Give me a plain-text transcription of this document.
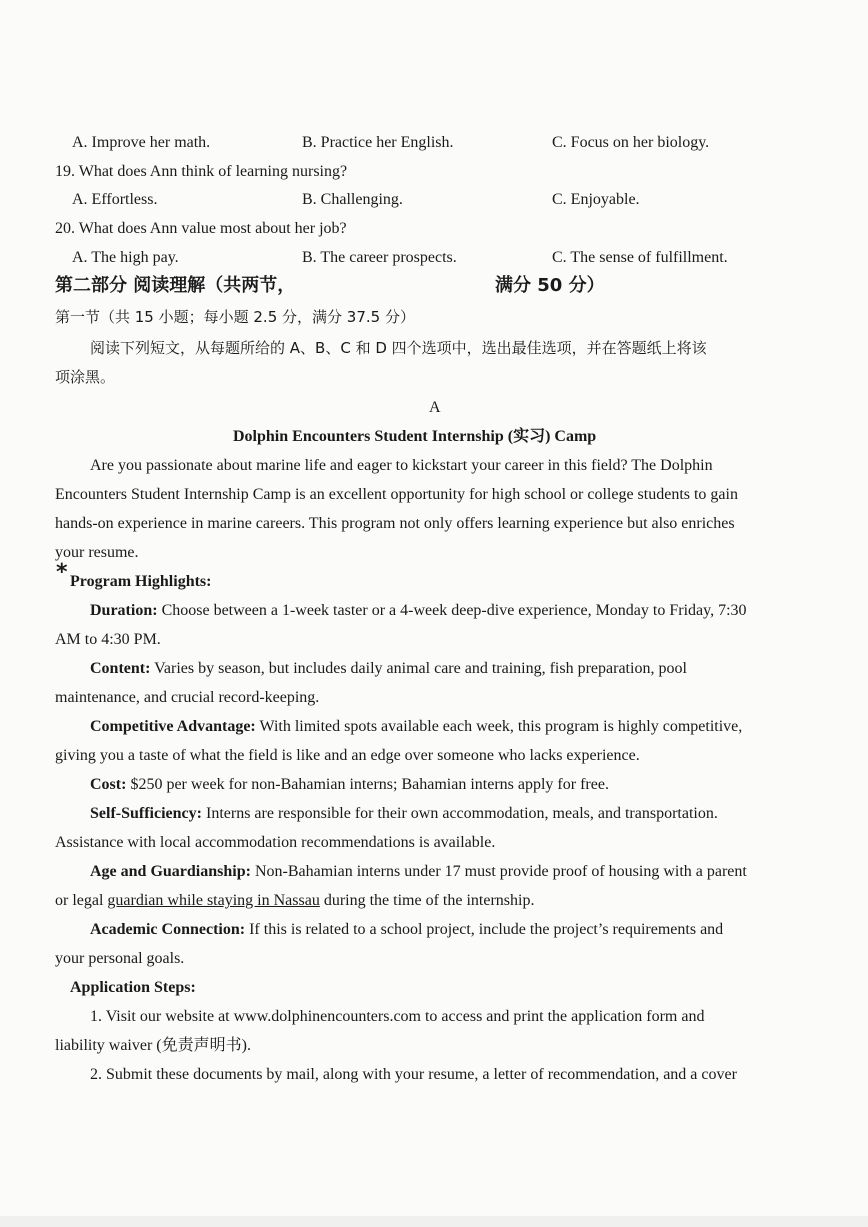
A. Improve her math.	B. Practice her English.	C. Focus on her biology.
19. What does Ann think of learning nursing?
A. Effortless.	B. Challenging.	C. Enjoyable.
20. What does Ann value most about her job?
A. The high pay.	B. The career prospects.	C. The sense of fulfillment.
第二部分 阅读理解（共两节，	满分 50 分）
第一节（共 15 小题；每小题 2.5 分，满分 37.5 分）
阅读下列短文，从每题所给的 A、B、C 和 D 四个选项中，选出最佳选项，并在答题纸上将该
项涂黑。
A
Dolphin Encounters Student Internship (实习) Camp
Are you passionate about marine life and eager to kickstart your career in this field? The Dolphin
Encounters Student Internship Camp is an excellent opportunity for high school or college students to gain
hands-on experience in marine careers. This program not only offers learning experience but also enriches
your resume.
* Program Highlights:
Duration: Choose between a 1-week taster or a 4-week deep-dive experience, Monday to Friday, 7:30
AM to 4:30 PM.
Content: Varies by season, but includes daily animal care and training, fish preparation, pool
maintenance, and crucial record-keeping.
Competitive Advantage: With limited spots available each week, this program is highly competitive,
giving you a taste of what the field is like and an edge over someone who lacks experience.
Cost: $250 per week for non-Bahamian interns; Bahamian interns apply for free.
Self-Sufficiency: Interns are responsible for their own accommodation, meals, and transportation.
Assistance with local accommodation recommendations is available.
Age and Guardianship: Non-Bahamian interns under 17 must provide proof of housing with a parent
or legal guardian while staying in Nassau during the time of the internship.
Academic Connection: If this is related to a school project, include the project’s requirements and
your personal goals.
Application Steps:
1. Visit our website at www.dolphinencounters.com to access and print the application form and
liability waiver (免责声明书).
2. Submit these documents by mail, along with your resume, a letter of recommendation, and a cover
